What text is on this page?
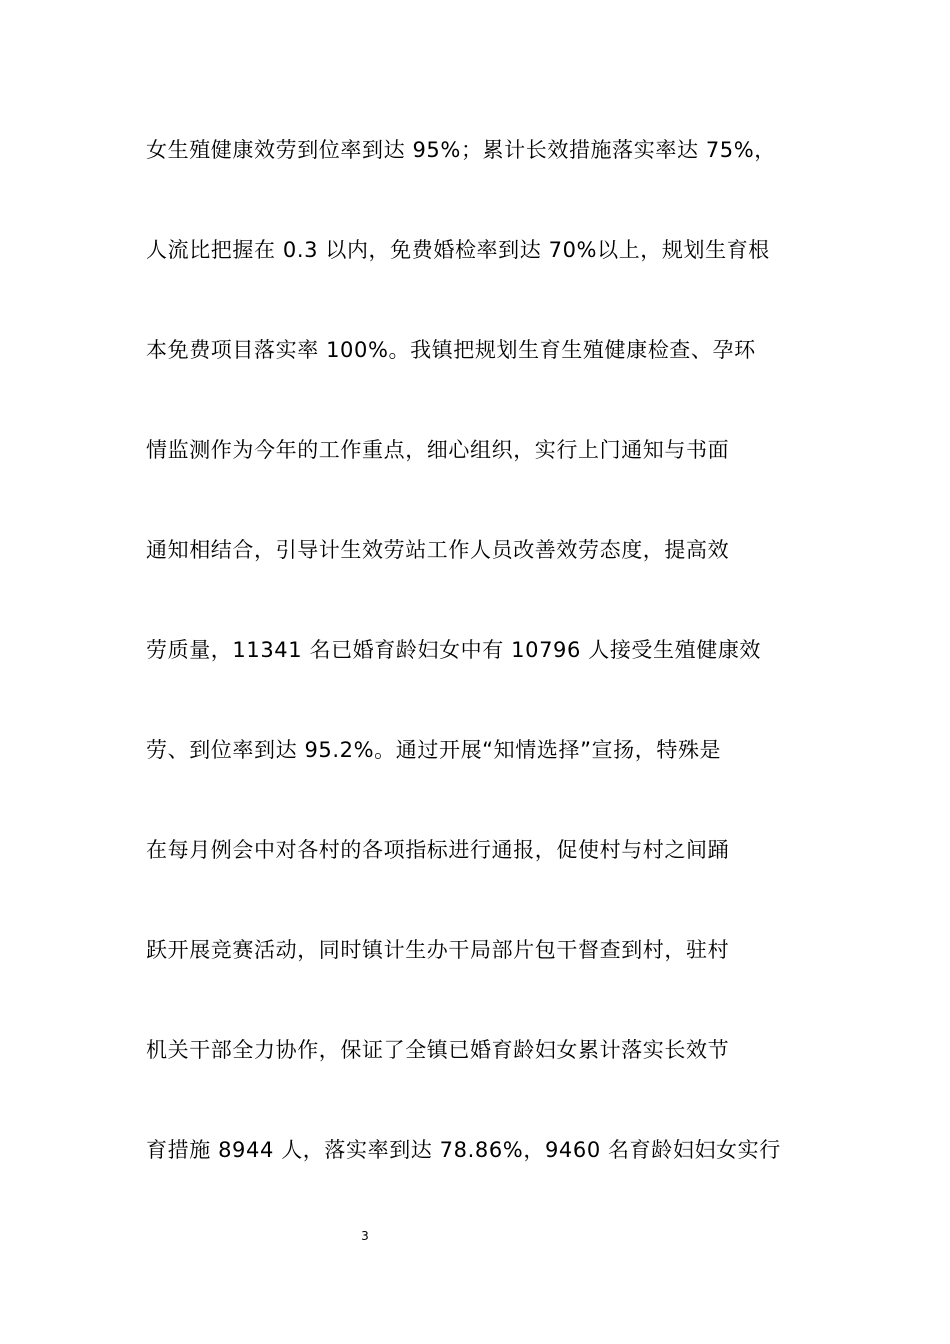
女生殖健康效劳到位率到达 95%；累计长效措施落实率达 75%，
人流比把握在 0.3 以内，免费婚检率到达 70%以上，规划生育根
本免费项目落实率 100%。我镇把规划生育生殖健康检查、孕环
情监测作为今年的工作重点，细心组织，实行上门通知与书面
通知相结合，引导计生效劳站工作人员改善效劳态度，提高效
劳质量，11341 名已婚育龄妇女中有 10796 人接受生殖健康效
劳、到位率到达 95.2%。通过开展“知情选择”宣扬，特殊是
在每月例会中对各村的各项指标进行通报，促使村与村之间踊
跃开展竞赛活动，同时镇计生办干局部片包干督查到村，驻村
机关干部全力协作，保证了全镇已婚育龄妇女累计落实长效节
育措施 8944 人，落实率到达 78.86%，9460 名育龄妇妇女实行
3
